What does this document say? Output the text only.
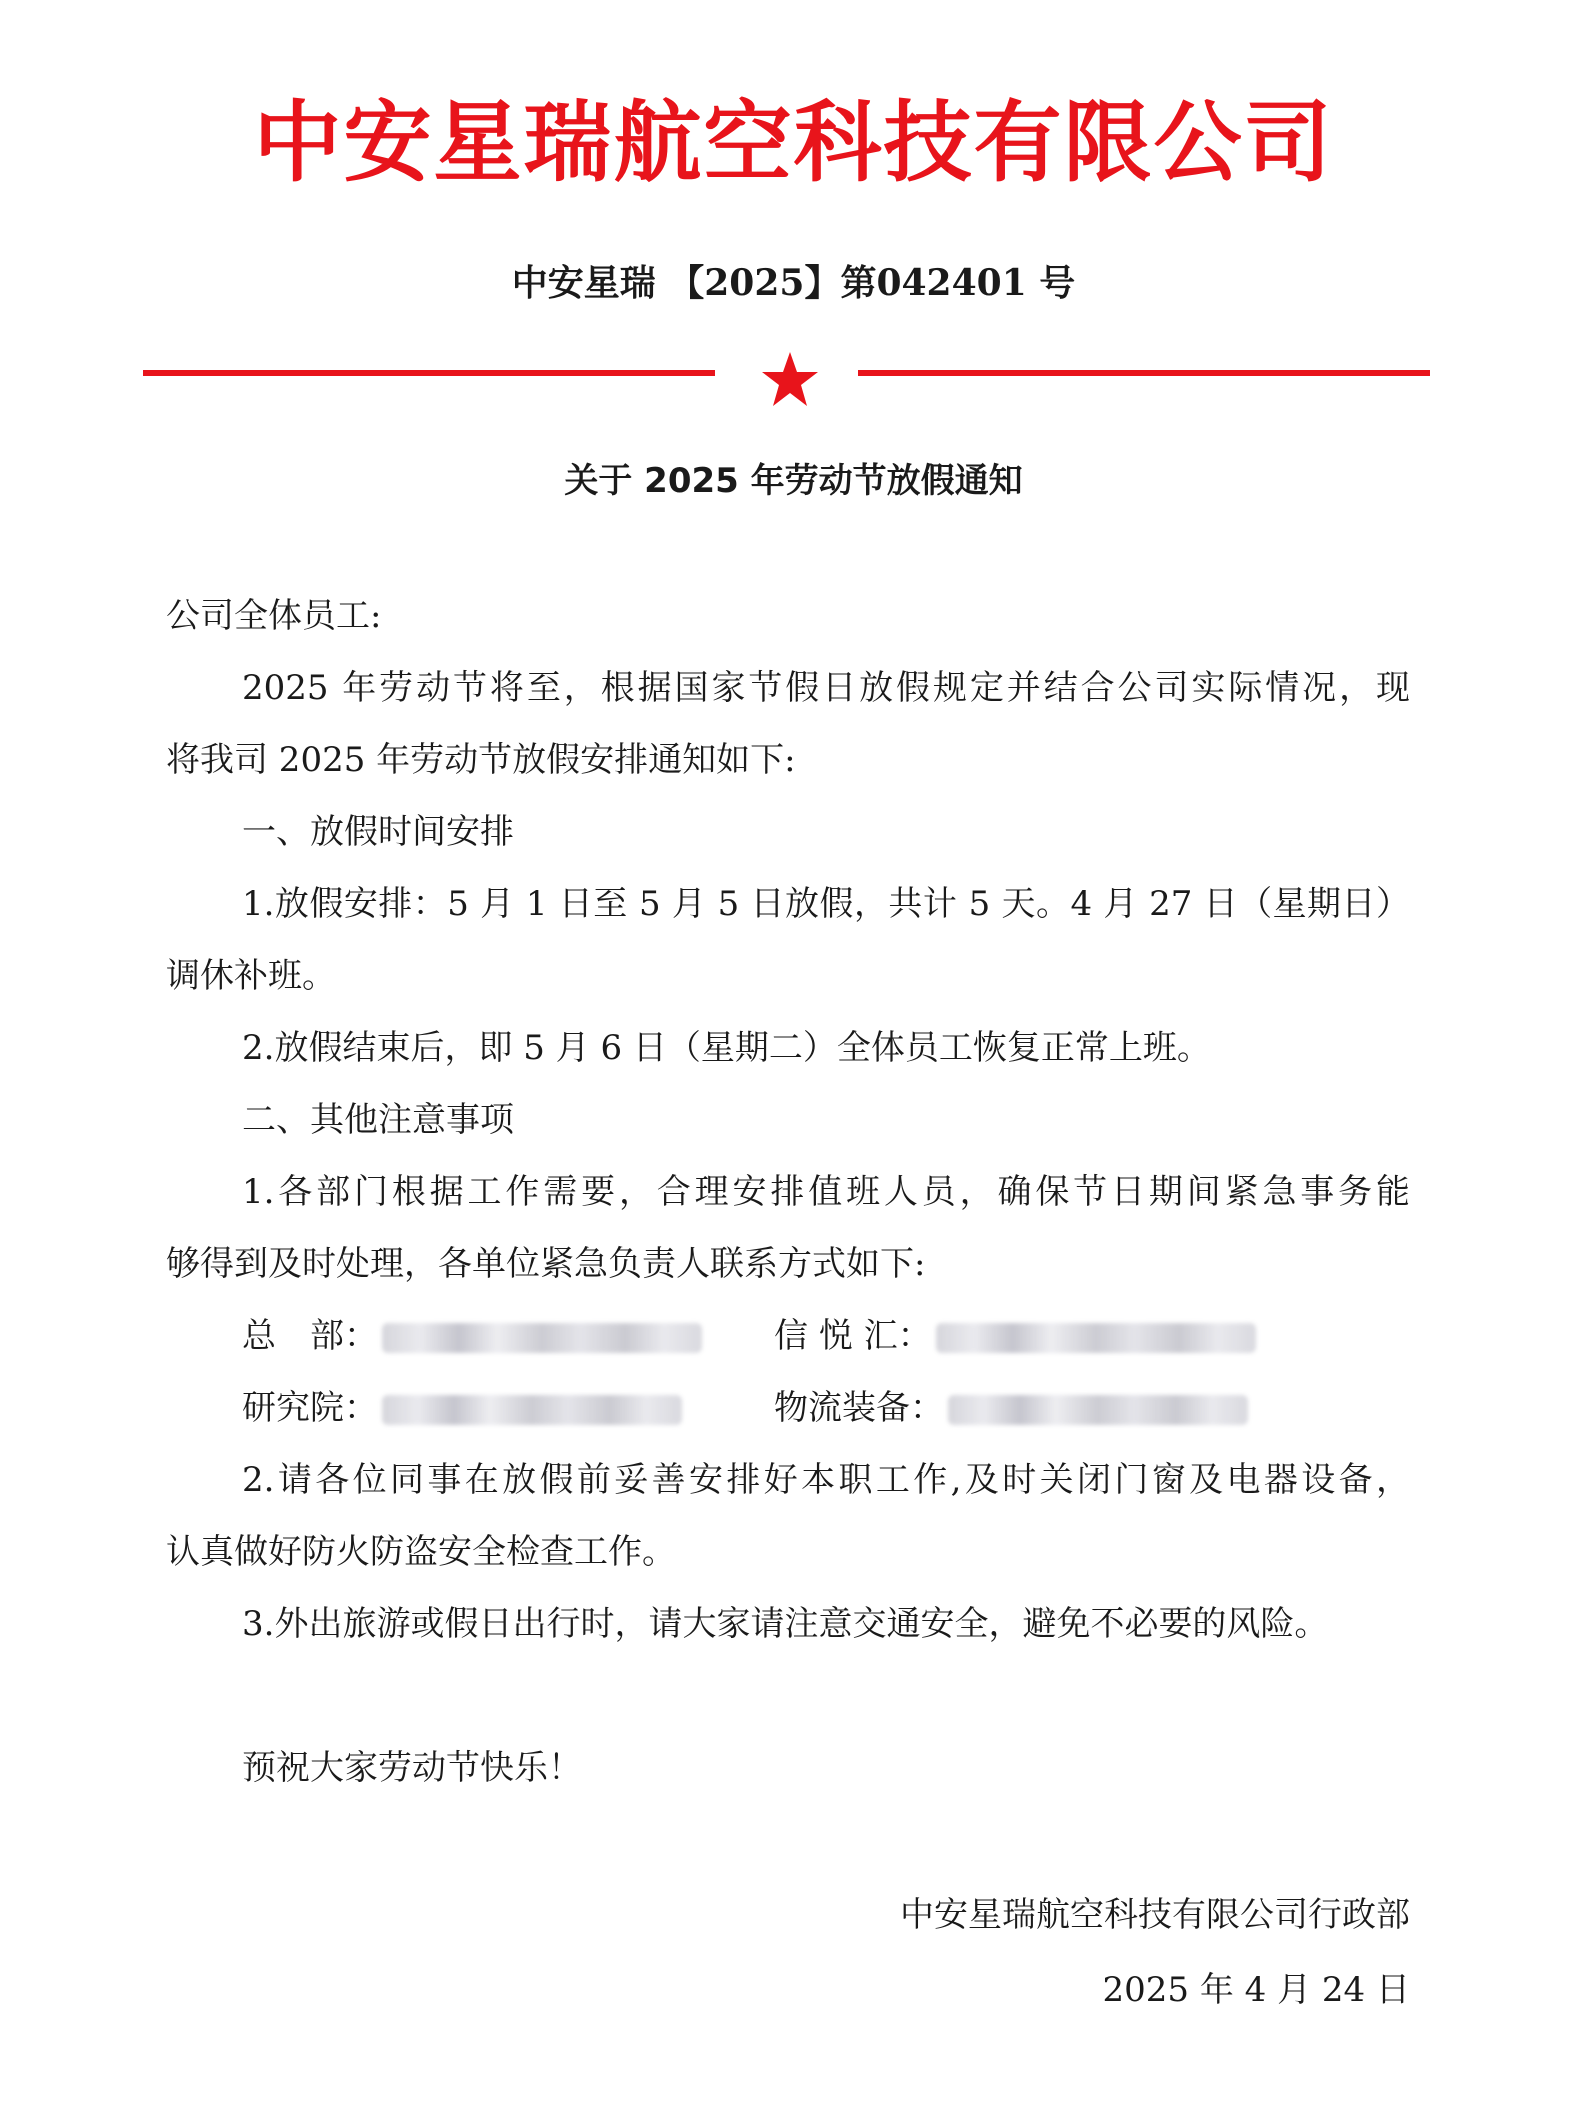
中安星瑞航空科技有限公司
中安星瑞 【2025】第042401 号
关于 2025 年劳动节放假通知
公司全体员工:
2025 年劳动节将至，根据国家节假日放假规定并结合公司实际情况，现
将我司 2025 年劳动节放假安排通知如下:
一、放假时间安排
1.放假安排：5 月 1 日至 5 月 5 日放假，共计 5 天。4 月 27 日（星期日）
调休补班。
2.放假结束后，即 5 月 6 日（星期二）全体员工恢复正常上班。
二、其他注意事项
1.各部门根据工作需要，合理安排值班人员，确保节日期间紧急事务能
够得到及时处理，各单位紧急负责人联系方式如下:
总　部：	信 悦 汇：
研究院：	物流装备：
2.请各位同事在放假前妥善安排好本职工作,及时关闭门窗及电器设备，
认真做好防火防盗安全检查工作。
3.外出旅游或假日出行时，请大家请注意交通安全，避免不必要的风险。
预祝大家劳动节快乐！
中安星瑞航空科技有限公司行政部
2025 年 4 月 24 日
